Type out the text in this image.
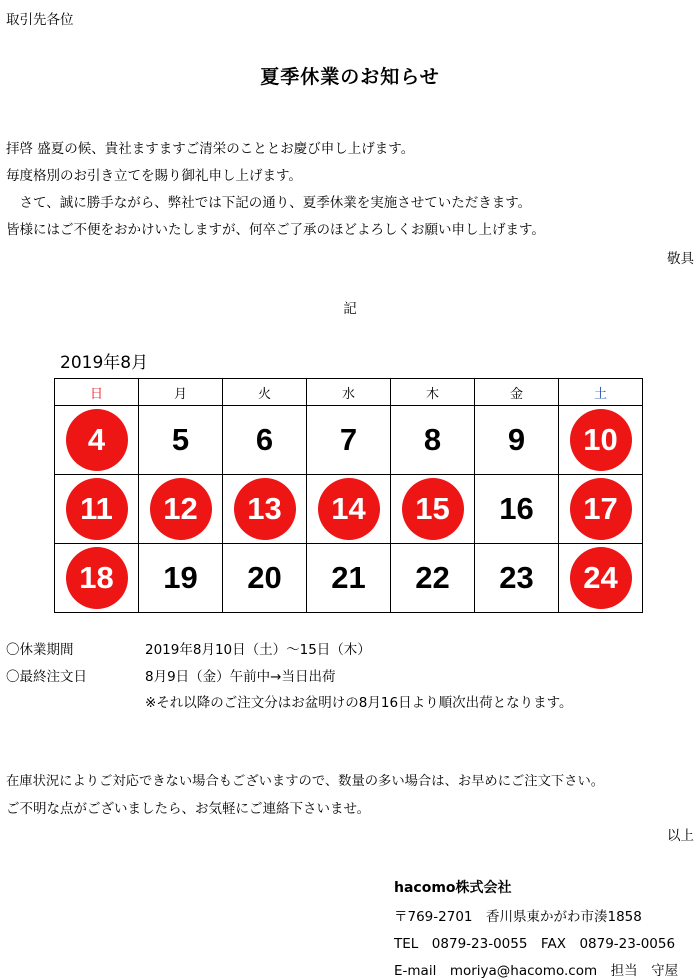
取引先各位
夏季休業のお知らせ
拝啓 盛夏の候、貴社ますますご清栄のこととお慶び申し上げます。
毎度格別のお引き立てを賜り御礼申し上げます。
　さて、誠に勝手ながら、弊社では下記の通り、夏季休業を実施させていただきます。
皆様にはご不便をおかけいたしますが、何卒ご了承のほどよろしくお願い申し上げます。
敬具
記
2019年8月
日	月	火	水	木	金	土
4	5	6	7	8	9	10
11	12	13	14	15	16	17
18	19	20	21	22	23	24
〇休業期間	2019年8月10日（土）～15日（木）
〇最終注文日	8月9日（金）午前中→当日出荷
※それ以降のご注文分はお盆明けの8月16日より順次出荷となります。
在庫状況によりご対応できない場合もございますので、数量の多い場合は、お早めにご注文下さい。
ご不明な点がございましたら、お気軽にご連絡下さいませ。
以上
hacomo株式会社
〒769-2701　香川県東かがわ市湊1858
TEL　0879-23-0055　FAX　0879-23-0056
E-mail　moriya@hacomo.com　担当　守屋
